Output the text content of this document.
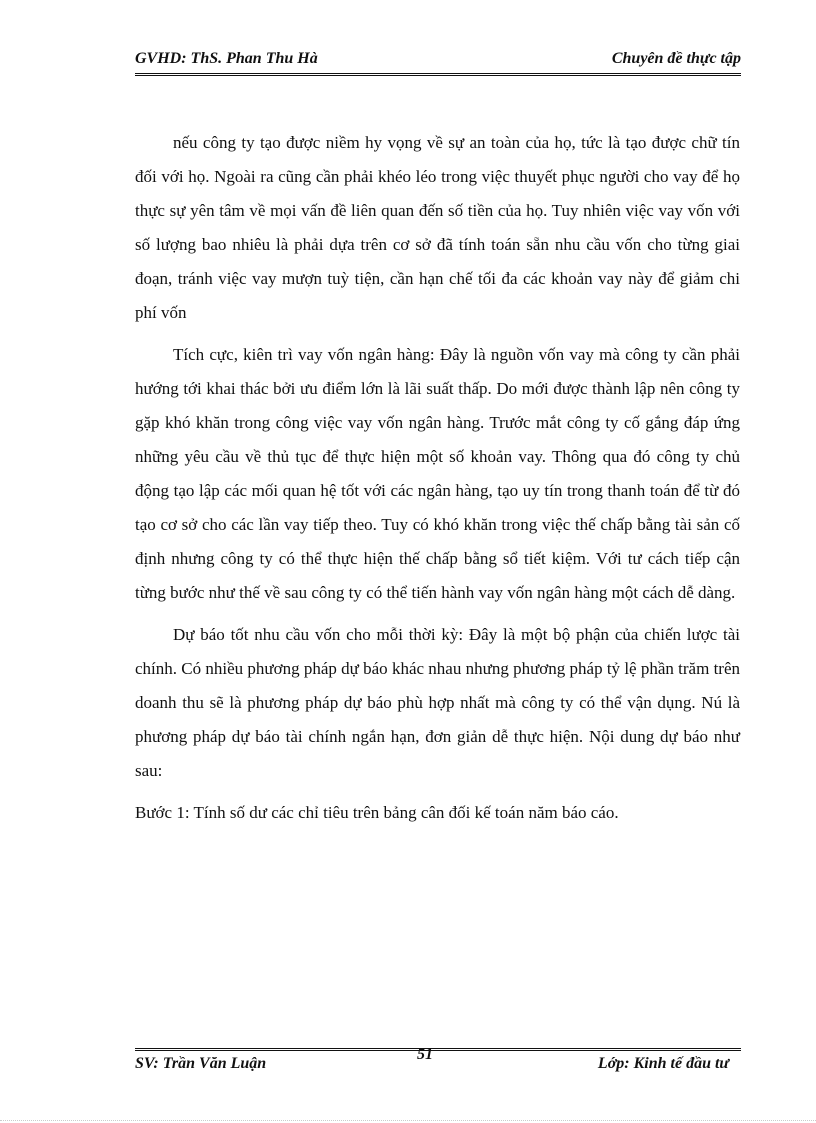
GVHD: ThS. Phan Thu Hà	Chuyên đề thực tập

nếu công ty tạo được niềm hy vọng về sự an toàn của họ, tức là tạo được chữ tín đối với họ. Ngoài ra cũng cần phải khéo léo trong việc thuyết phục người cho vay để họ thực sự yên tâm về mọi vấn đề liên quan đến số tiền của họ. Tuy nhiên việc vay vốn với số lượng bao nhiêu là phải dựa trên cơ sở đã tính toán sẵn nhu cầu vốn cho từng giai đoạn, tránh việc vay mượn tuỳ tiện, cần hạn chế tối đa các khoản vay này để giảm chi phí vốn

Tích cực, kiên trì vay vốn ngân hàng: Đây là nguồn vốn vay mà công ty cần phải hướng tới khai thác bởi ưu điểm lớn là lãi suất thấp. Do mới được thành lập nên công ty gặp khó khăn trong công việc vay vốn ngân hàng. Trước mắt công ty cố gắng đáp ứng những yêu cầu về thủ tục để thực hiện một số khoản vay. Thông qua đó công ty chủ động tạo lập các mối quan hệ tốt với các ngân hàng, tạo uy tín trong thanh toán để từ đó tạo cơ sở cho các lần vay tiếp theo. Tuy có khó khăn trong việc thế chấp bằng tài sản cố định nhưng công ty có thể thực hiện thế chấp bằng sổ tiết kiệm. Với tư cách tiếp cận từng bước như thế về sau công ty có thể tiến hành vay vốn ngân hàng một cách dễ dàng.

Dự báo tốt nhu cầu vốn cho mỗi thời kỳ: Đây là một bộ phận của chiến lược tài chính. Có nhiều phương pháp dự báo khác nhau nhưng phương pháp tỷ lệ phần trăm trên doanh thu sẽ là phương pháp dự báo phù hợp nhất mà công ty có thể vận dụng. Nú là phương pháp dự báo tài chính ngắn hạn, đơn giản dễ thực hiện. Nội dung dự báo như sau:

Bước 1: Tính số dư các chỉ tiêu trên bảng cân đối kế toán năm báo cáo.

SV: Trần Văn Luận
51
Lớp: Kinh tế đầu tư
